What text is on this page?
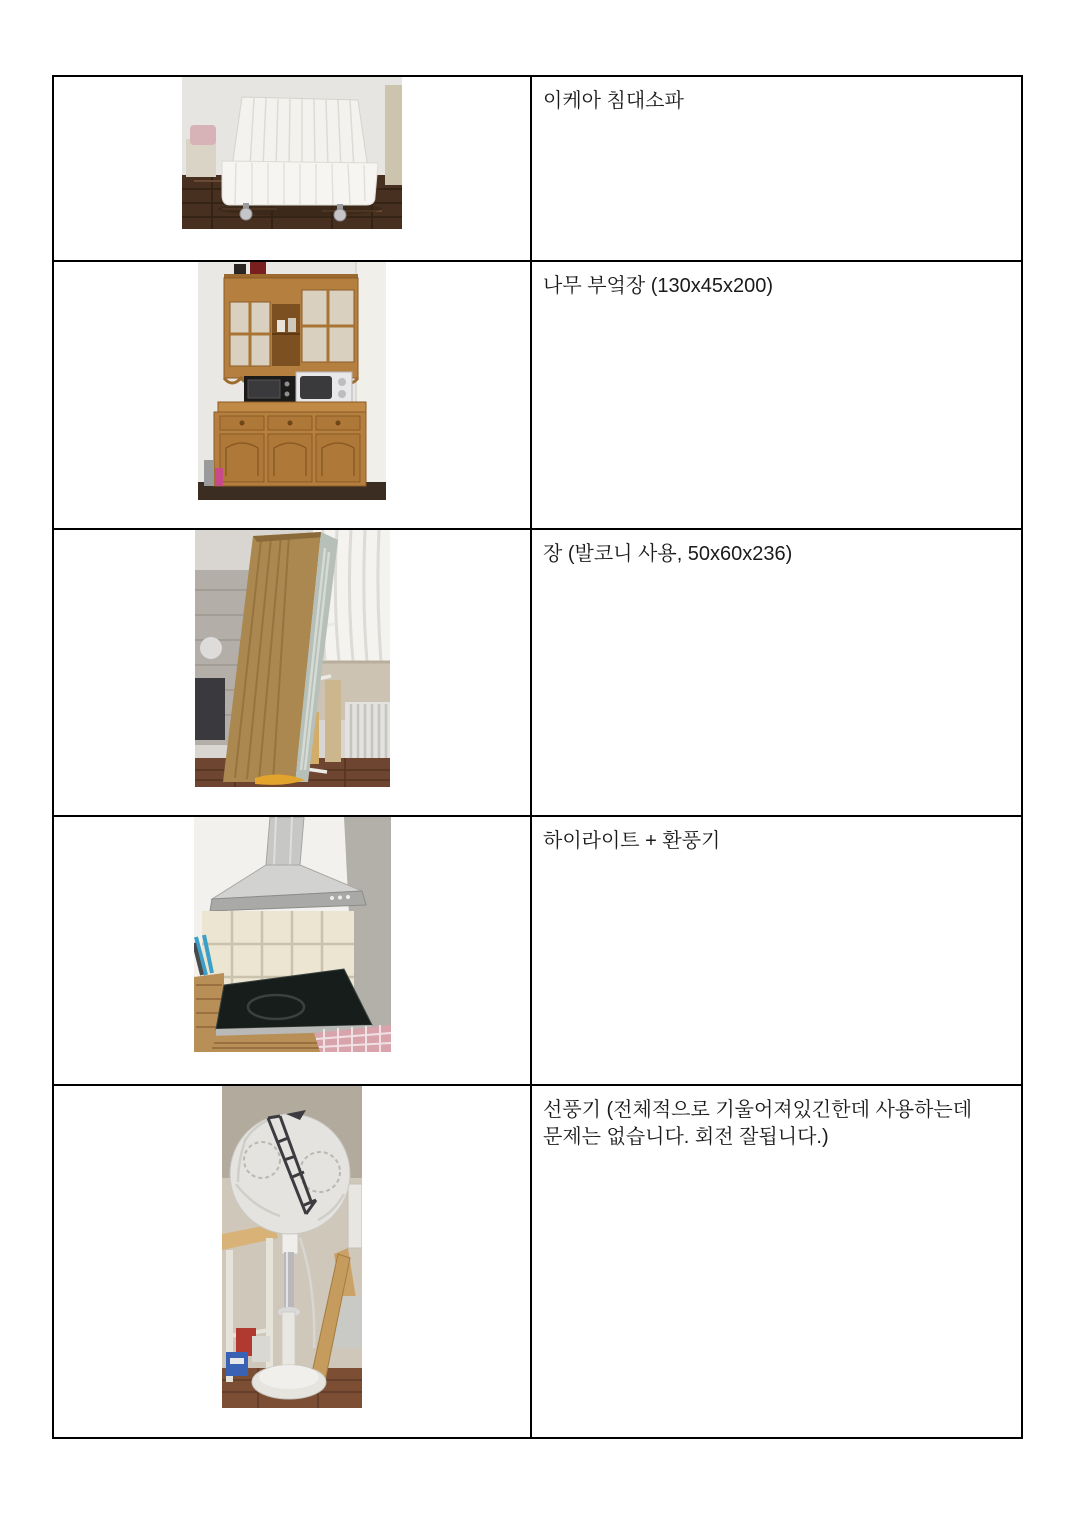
이케아 침대소파

나무 부엌장 (130x45x200)

장 (발코니 사용, 50x60x236)

하이라이트 + 환풍기

선풍기 (전체적으로 기울어져있긴한데 사용하는데 문제는 없습니다. 회전 잘됩니다.)
